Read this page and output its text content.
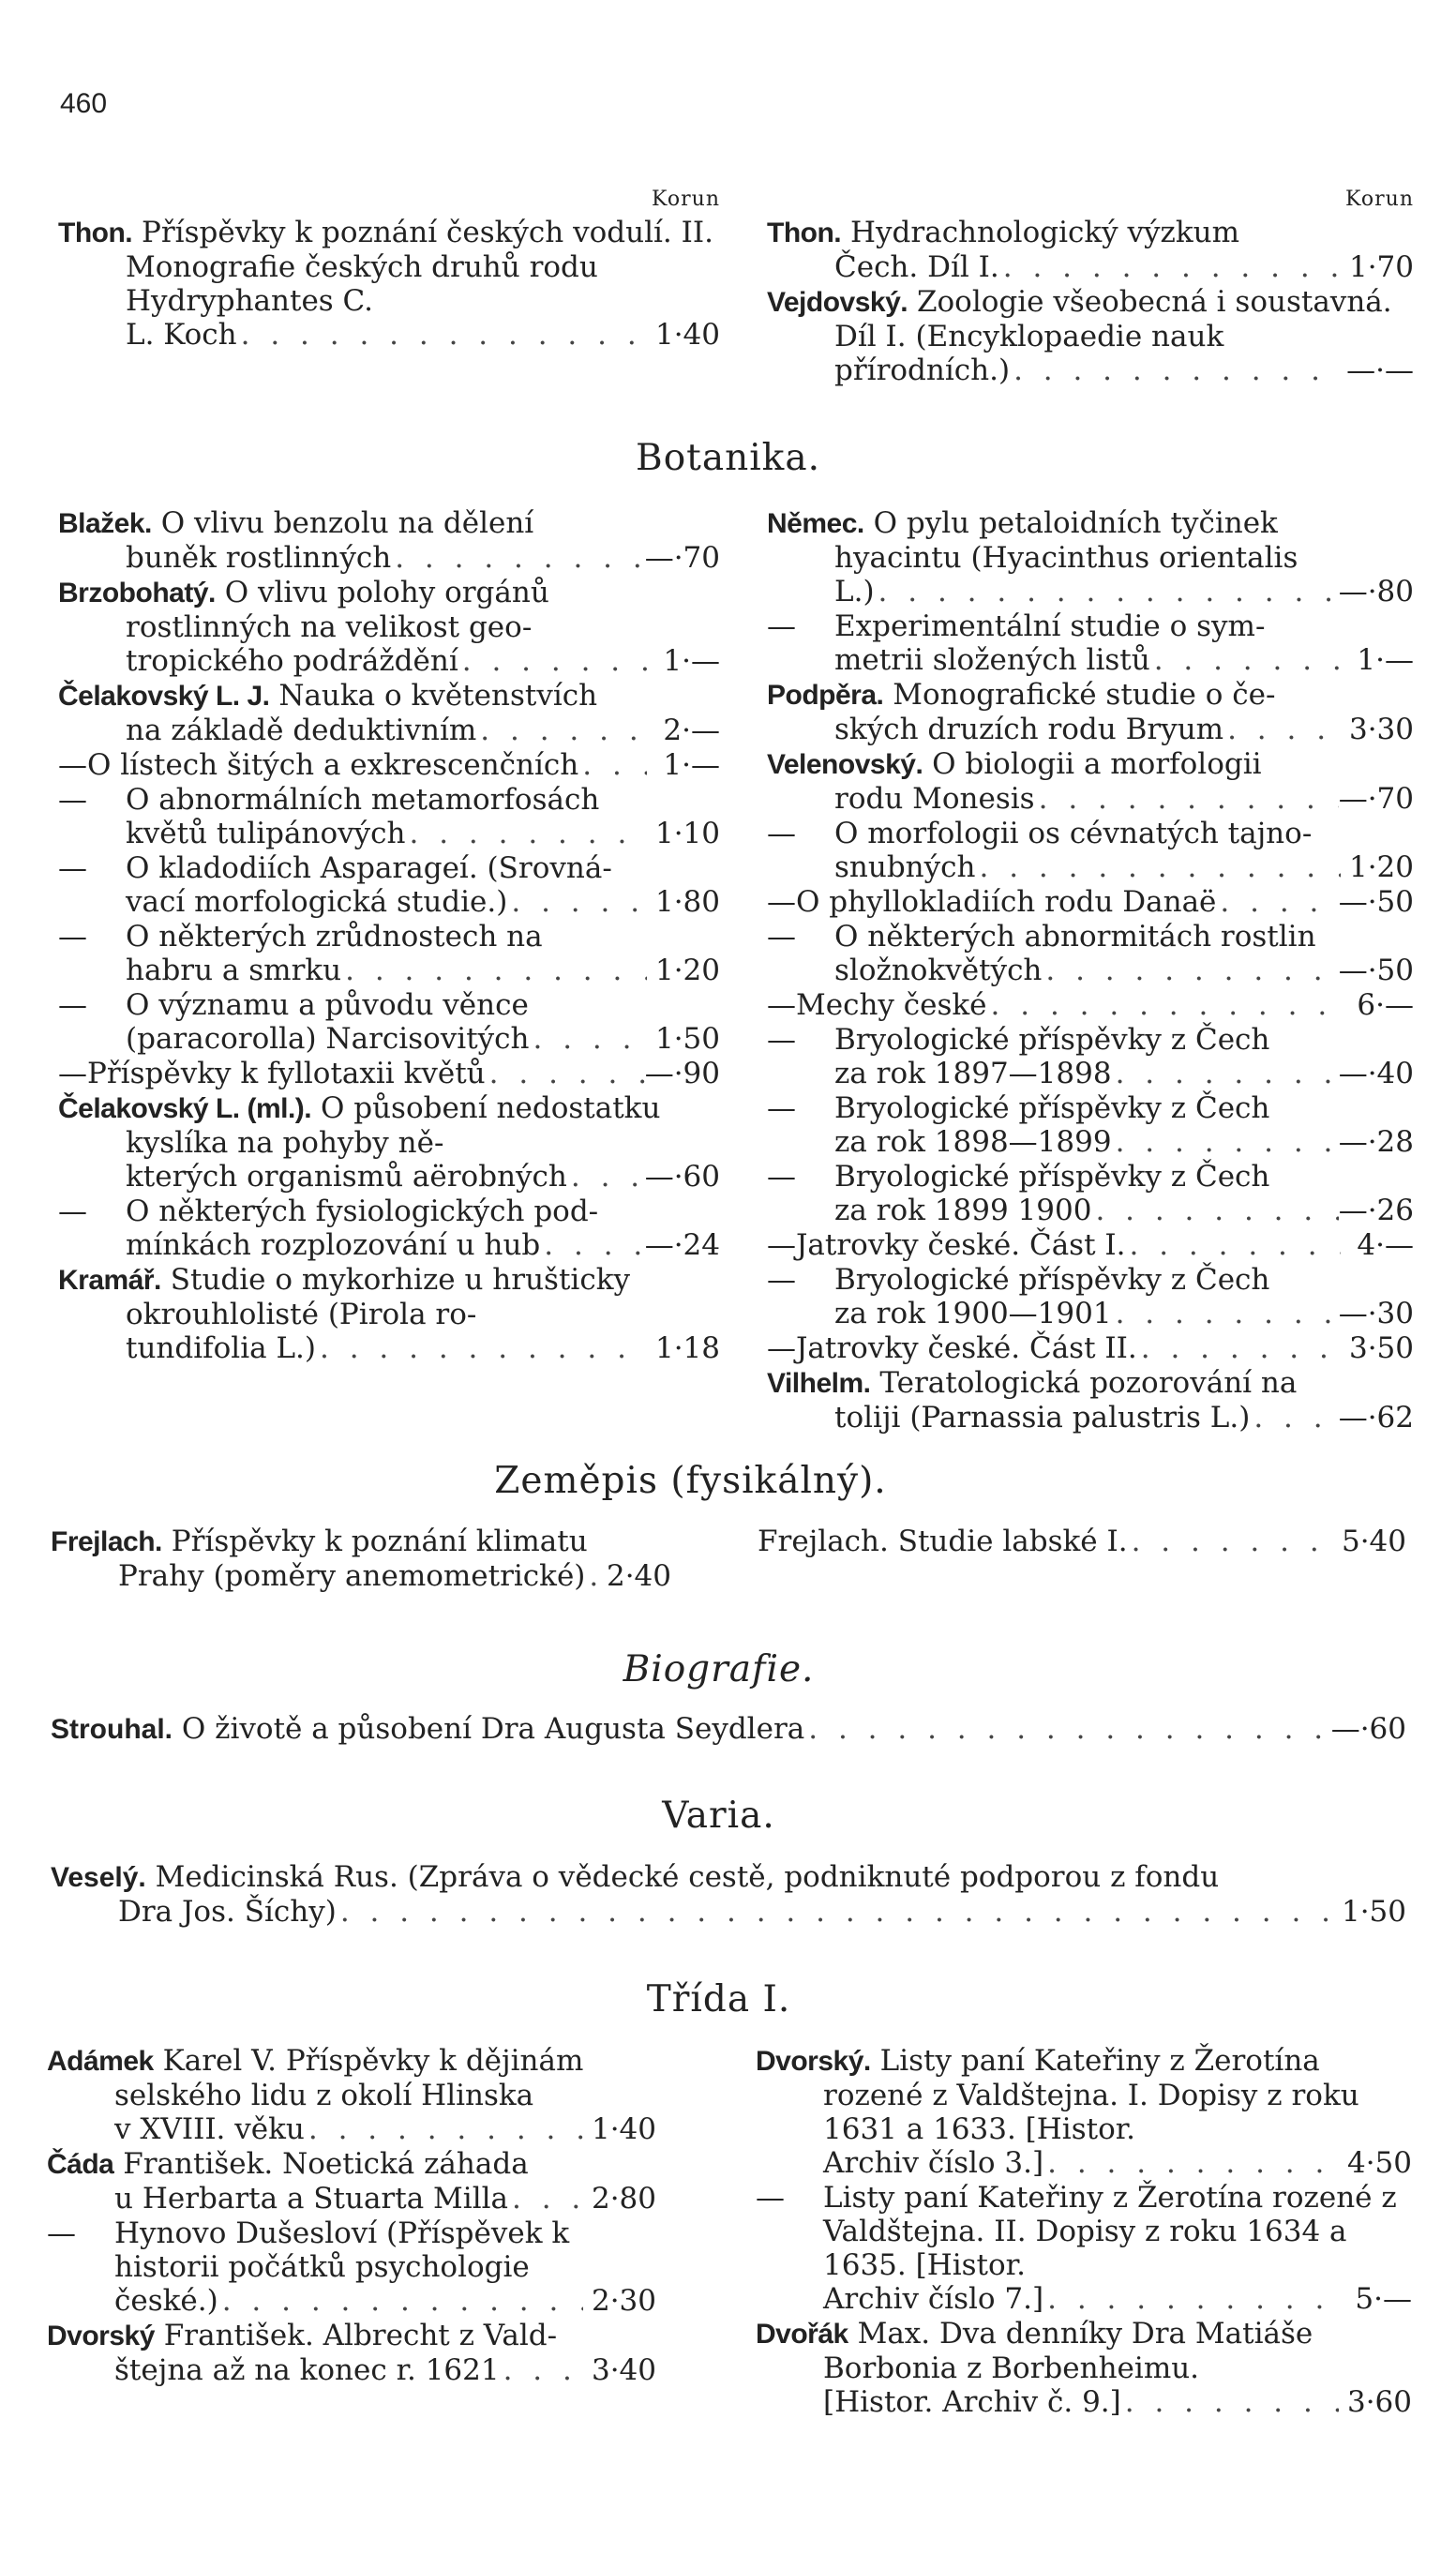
460
Korun
Thon. Příspěvky k poznání českých vodulí. II. Monografie českých druhů rodu Hydryphantes C.
L. Koch . . .	1·40
Korun
Thon. Hydrachnologický výzkum
Čech. Díl I. . . .	1·70
Vejdovský. Zoologie všeobecná i soustavná. Díl I. (Encyklopaedie nauk
přírodních.) . . .	—·—
Botanika.
Blažek. O vlivu benzolu na dělení
buněk rostlinných . . .	—·70
Brzobohatý. O vlivu polohy orgánů rostlinných na velikost geo-
tropického podráždění . . .	1·—
Čelakovský L. J. Nauka o květenstvích
na základě deduktivním . . .	2·—
—O lístech šitých a exkrescenčních . . .	1·—
— O abnormálních metamorfosách
květů tulipánových . . .	1·10
— O kladodiích Asparageí. (Srovná-
vací morfologická studie.) . . .	1·80
— O některých zrůdnostech na
habru a smrku . . .	1·20
— O významu a původu věnce
(paracorolla) Narcisovitých . . .	1·50
—Příspěvky k fyllotaxii květů . . .	—·90
Čelakovský L. (ml.). O působení nedostatku kyslíka na pohyby ně-
kterých organismů aërobných . . .	—·60
— O některých fysiologických pod-
mínkách rozplozování u hub . . .	—·24
Kramář. Studie o mykorhize u hrušticky okrouhlolisté (Pirola ro-
tundifolia L.) . . .	1·18
Němec. O pylu petaloidních tyčinek hyacintu (Hyacinthus orientalis
L.) . . .	—·80
— Experimentální studie o sym-
metrii složených listů . . .	1·—
Podpěra. Monografické studie o če-
ských druzích rodu Bryum . . .	3·30
Velenovský. O biologii a morfologii
rodu Monesis . . .	—·70
— O morfologii os cévnatých tajno-
snubných . . .	1·20
—O phyllokladiích rodu Danaë . . .	—·50
— O některých abnormitách rostlin
složnokvětých . . .	—·50
—Mechy české . . .	6·—
— Bryologické příspěvky z Čech
za rok 1897—1898 . . .	—·40
— Bryologické příspěvky z Čech
za rok 1898—1899 . . .	—·28
— Bryologické příspěvky z Čech
za rok 1899 1900 . . .	—·26
—Jatrovky české. Část I. . . .	4·—
— Bryologické příspěvky z Čech
za rok 1900—1901 . . .	—·30
—Jatrovky české. Část II. . . .	3·50
Vilhelm. Teratologická pozorování na
toliji (Parnassia palustris L.) . . .	—·62
Zeměpis (fysikálný).
Frejlach. Příspěvky k poznání klimatu
Prahy (poměry anemometrické) . . . 2·40
Frejlach. Studie labské I. . . .	5·40
Biografie.
Strouhal. O životě a působení Dra Augusta Seydlera . . .	—·60
Varia.
Veselý. Medicinská Rus. (Zpráva o vědecké cestě, podniknuté podporou z fondu
Dra Jos. Šíchy) . . .	1·50
Třída I.
Adámek Karel V. Příspěvky k dějinám selského lidu z okolí Hlinska
v XVIII. věku . . .	1·40
Čáda František. Noetická záhada
u Herbarta a Stuarta Milla . . .	2·80
— Hynovo Dušesloví (Příspěvek k historii počátků psychologie
české.) . . .	2·30
Dvorský František. Albrecht z Vald-
štejna až na konec r. 1621 . . .	3·40
Dvorský. Listy paní Kateřiny z Žerotína rozené z Valdštejna. I. Dopisy z roku 1631 a 1633. [Histor.
Archiv číslo 3.] . . .	4·50
— Listy paní Kateřiny z Žerotína rozené z Valdštejna. II. Dopisy z roku 1634 a 1635. [Histor.
Archiv číslo 7.] . . .	5·—
Dvořák Max. Dva denníky Dra Matiáše Borbonia z Borbenheimu.
[Histor. Archiv č. 9.] . . .	3·60
